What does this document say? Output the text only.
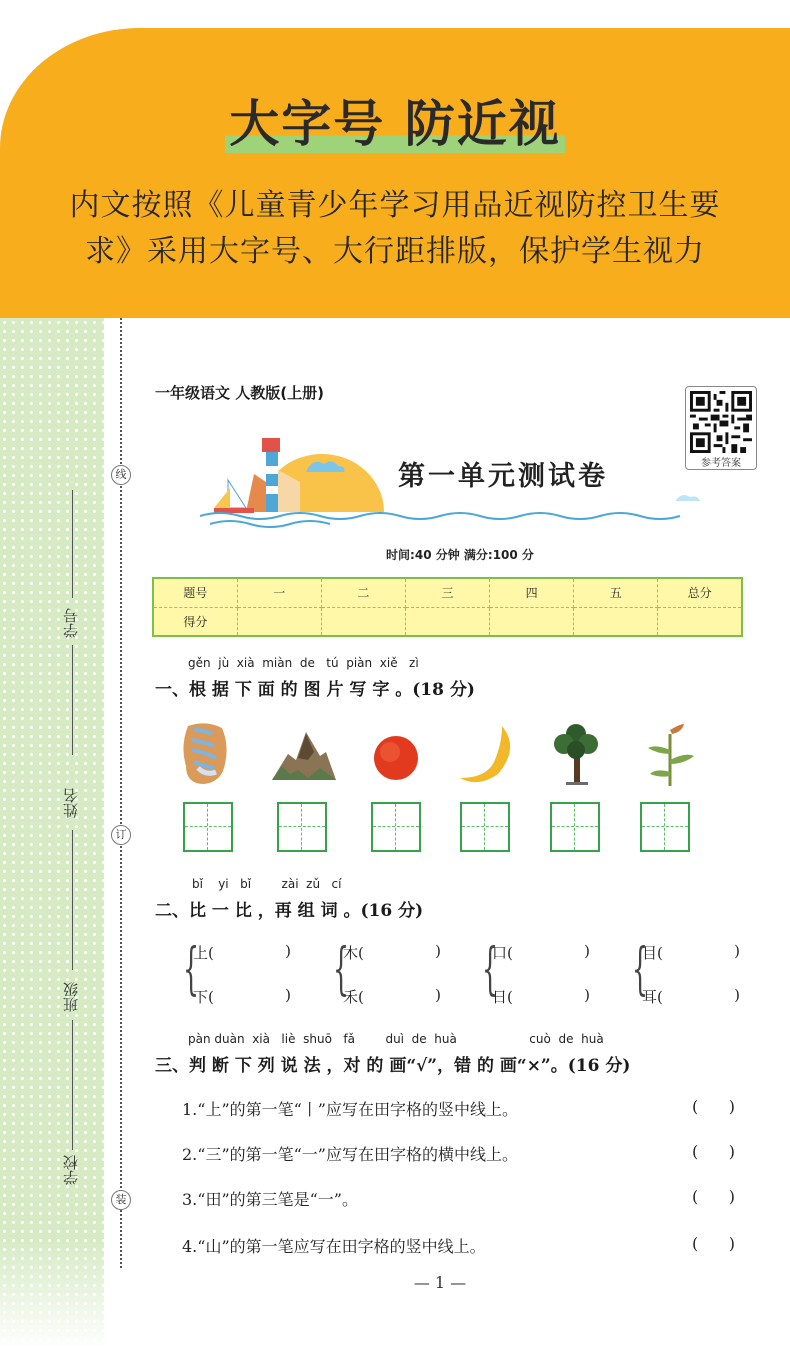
大字号 防近视
内文按照《儿童青少年学习用品近视防控卫生要
求》采用大字号、大行距排版，保护学生视力
线
订
装
学号
姓名
班级
学校
一年级语文 人教版(上册)
参考答案
第一单元测试卷
时间:40 分钟 满分:100 分
题号	一	二	三	四	五	总分
得分						
gěn  jù  xià  miàn  de   tú  piàn  xiě   zì
一、根 据 下 面 的 图 片 写 字 。(18 分)
bǐ    yi   bǐ        zài  zǔ   cí
二、比 一 比 ，再 组 词 。(16 分)
{
上(	)
下(	) {
木(	)
禾(	) {
口(	)
日(	) {
目(	)
耳(	)
pàn duàn  xià   liè  shuō   fǎ        duì  de  huà                   cuò  de  huà
三、判 断 下 列 说 法 ，对 的 画“√”，错 的 画“×”。(16 分)
1.“上”的第一笔“丨”应写在田字格的竖中线上。	(      )
2.“三”的第一笔“一”应写在田字格的横中线上。	(      )
3.“田”的第三笔是“一”。	(      )
4.“山”的第一笔应写在田字格的竖中线上。	(      )
— 1 —
